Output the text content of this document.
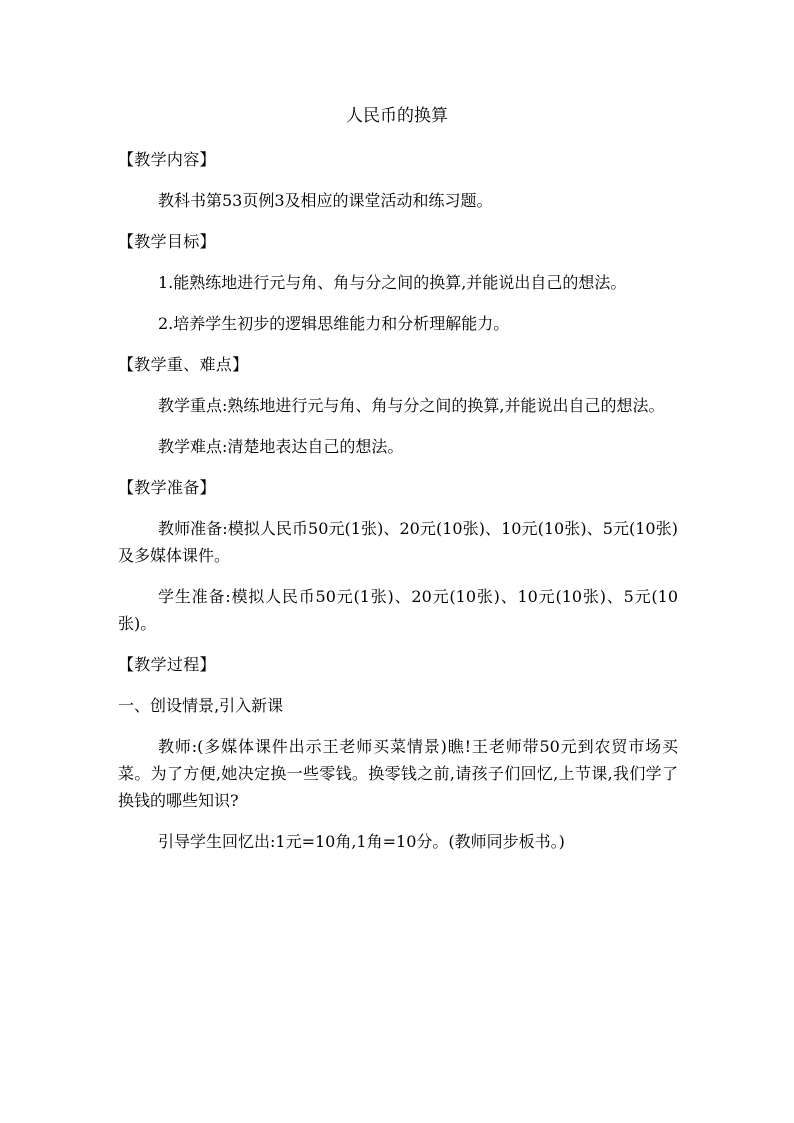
人民币的换算
【教学内容】
教科书第53页例3及相应的课堂活动和练习题。
【教学目标】
1.能熟练地进行元与角、角与分之间的换算,并能说出自己的想法。
2.培养学生初步的逻辑思维能力和分析理解能力。
【教学重、难点】
教学重点:熟练地进行元与角、角与分之间的换算,并能说出自己的想法。
教学难点:清楚地表达自己的想法。
【教学准备】
教师准备:模拟人民币50元(1张)、20元(10张)、10元(10张)、5元(10张)及多媒体课件。
学生准备:模拟人民币50元(1张)、20元(10张)、10元(10张)、5元(10张)。
【教学过程】
一、创设情景,引入新课
教师:(多媒体课件出示王老师买菜情景)瞧!王老师带50元到农贸市场买菜。为了方便,她决定换一些零钱。换零钱之前,请孩子们回忆,上节课,我们学了换钱的哪些知识?
引导学生回忆出:1元=10角,1角=10分。(教师同步板书。)
